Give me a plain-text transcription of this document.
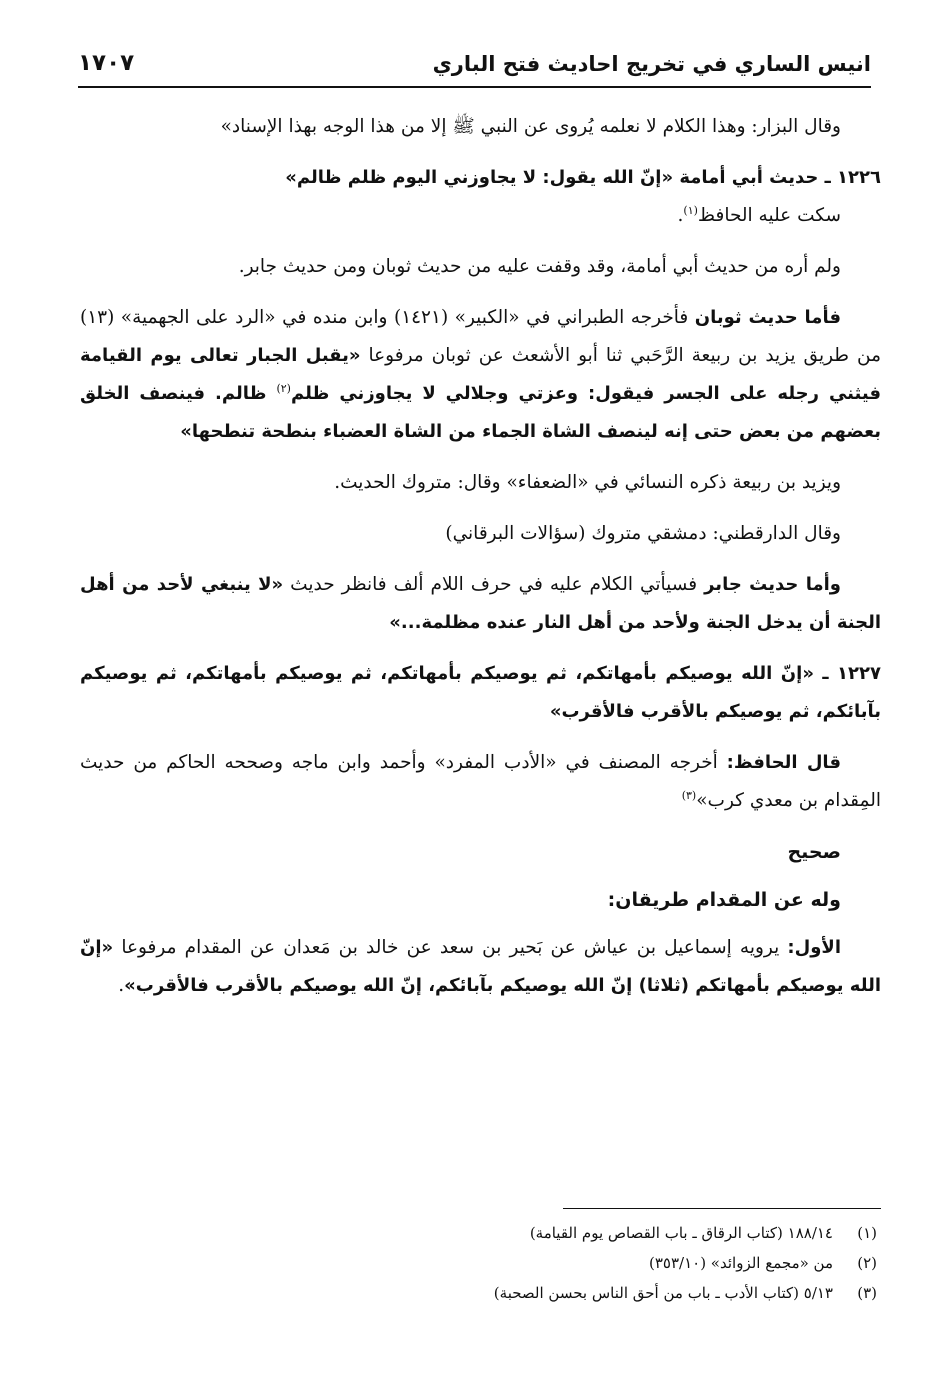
انيس الساري في تخريج احاديث فتح الباري
١٧٠٧

وقال البزار: وهذا الكلام لا نعلمه يُروى عن النبي ﷺ إلا من هذا الوجه بهذا الإسناد»

١٢٢٦ ـ حديث أبي أمامة «إنّ الله يقول: لا يجاوزني اليوم ظلم ظالم»

سكت عليه الحافظ$^{(١)}$.

ولم أره من حديث أبي أمامة، وقد وقفت عليه من حديث ثوبان ومن حديث جابر.

فأما حديث ثوبان فأخرجه الطبراني في «الكبير» (١٤٢١) وابن منده في «الرد على الجهمية» (١٣) من طريق يزيد بن ربيعة الرَّحَبي ثنا أبو الأشعث عن ثوبان مرفوعا «يقبل الجبار تعالى يوم القيامة فيثني رجله على الجسر فيقول: وعزتي وجلالي لا يجاوزني ظلم$^{(٢)}$ ظالم. فينصف الخلق بعضهم من بعض حتى إنه لينصف الشاة الجماء من الشاة العضباء بنطحة تنطحها»

ويزيد بن ربيعة ذكره النسائي في «الضعفاء» وقال: متروك الحديث.

وقال الدارقطني: دمشقي متروك (سؤالات البرقاني)

وأما حديث جابر فسيأتي الكلام عليه في حرف اللام ألف فانظر حديث «لا ينبغي لأحد من أهل الجنة أن يدخل الجنة ولأحد من أهل النار عنده مظلمة...»

١٢٢٧ ـ «إنّ الله يوصيكم بأمهاتكم، ثم يوصيكم بأمهاتكم، ثم يوصيكم بأمهاتكم، ثم يوصيكم بآبائكم، ثم يوصيكم بالأقرب فالأقرب»

قال الحافظ: أخرجه المصنف في «الأدب المفرد» وأحمد وابن ماجه وصححه الحاكم من حديث المِقدام بن معدي كرب»$^{(٣)}$

صحيح
وله عن المقدام طريقان:

الأول: يرويه إسماعيل بن عياش عن بَحير بن سعد عن خالد بن مَعدان عن المقدام مرفوعا «إنّ الله يوصيكم بأمهاتكم (ثلاثا) إنّ الله يوصيكم بآبائكم، إنّ الله يوصيكم بالأقرب فالأقرب».

(١)١٨٨/١٤ (كتاب الرقاق ـ باب القصاص يوم القيامة)
(٢)من «مجمع الزوائد» (٣٥٣/١٠)
(٣)٥/١٣ (كتاب الأدب ـ باب من أحق الناس بحسن الصحبة)
